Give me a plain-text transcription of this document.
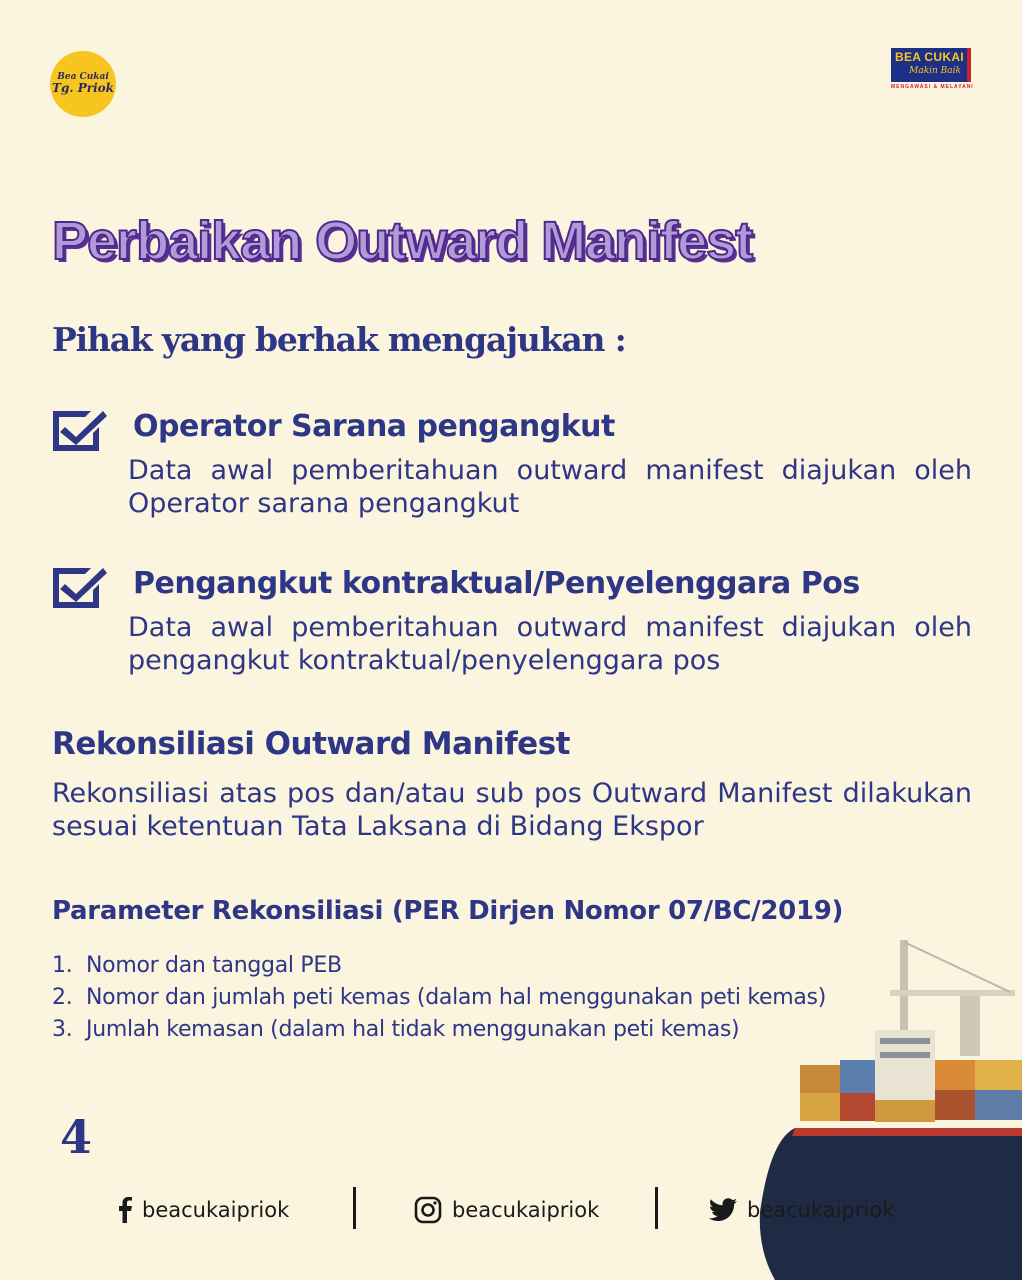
Bea Cukai
Tg. Priok
BEA CUKAI
Makin Baik
MENGAWASI & MELAYANI
Perbaikan Outward Manifest
Pihak yang berhak mengajukan :
Operator Sarana pengangkut
Data awal pemberitahuan outward manifest diajukan oleh Operator sarana pengangkut
Pengangkut kontraktual/Penyelenggara Pos
Data awal pemberitahuan outward manifest diajukan oleh pengangkut kontraktual/penyelenggara pos
Rekonsiliasi Outward Manifest
Rekonsiliasi atas pos dan/atau sub pos Outward Manifest dilakukan sesuai ketentuan Tata Laksana di Bidang Ekspor
Parameter Rekonsiliasi (PER Dirjen Nomor 07/BC/2019)
1. Nomor dan tanggal PEB
2. Nomor dan jumlah peti kemas (dalam hal menggunakan peti kemas)
3. Jumlah kemasan (dalam hal tidak menggunakan peti kemas)
4
beacukaipriok	beacukaipriok	beacukaipriok
